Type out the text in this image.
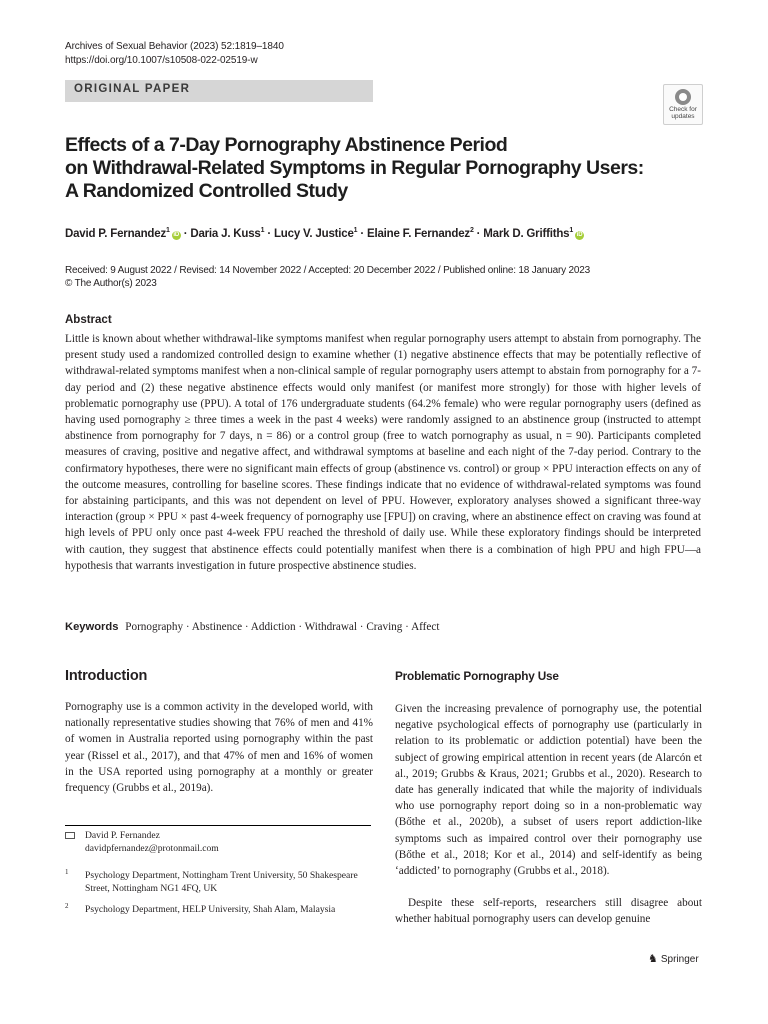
Archives of Sexual Behavior (2023) 52:1819–1840
https://doi.org/10.1007/s10508-022-02519-w
ORIGINAL PAPER
Check for
updates
Effects of a 7-Day Pornography Abstinence Period
on Withdrawal-Related Symptoms in Regular Pornography Users:
A Randomized Controlled Study
David P. Fernandez$^1$iD · Daria J. Kuss$^1$ · Lucy V. Justice$^1$ · Elaine F. Fernandez$^2$ · Mark D. Griffiths$^1$iD
Received: 9 August 2022 / Revised: 14 November 2022 / Accepted: 20 December 2022 / Published online: 18 January 2023
© The Author(s) 2023
Abstract
Little is known about whether withdrawal-like symptoms manifest when regular pornography users attempt to abstain from pornography. The present study used a randomized controlled design to examine whether (1) negative abstinence effects that may be potentially reflective of withdrawal-related symptoms manifest when a non-clinical sample of regular pornography users attempt to abstain from pornography for a 7-day period and (2) these negative abstinence effects would only manifest (or manifest more strongly) for those with higher levels of problematic pornography use (PPU). A total of 176 undergraduate students (64.2% female) who were regular pornography users (defined as having used pornography ≥ three times a week in the past 4 weeks) were randomly assigned to an abstinence group (instructed to attempt abstinence from pornography for 7 days, n = 86) or a control group (free to watch pornography as usual, n = 90). Participants completed measures of craving, positive and negative affect, and withdrawal symptoms at baseline and each night of the 7-day period. Contrary to the confirmatory hypotheses, there were no significant main effects of group (abstinence vs. control) or group × PPU interaction effects on any of the outcome measures, controlling for baseline scores. These findings indicate that no evidence of withdrawal-related symptoms was found for abstaining participants, and this was not dependent on level of PPU. However, exploratory analyses showed a significant three-way interaction (group × PPU × past 4-week frequency of pornography use [FPU]) on craving, where an abstinence effect on craving was found at high levels of PPU only once past 4-week FPU reached the threshold of daily use. While these exploratory findings should be interpreted with caution, they suggest that abstinence effects could potentially manifest when there is a combination of high PPU and high FPU—a hypothesis that warrants investigation in future prospective abstinence studies.
Keywords Pornography · Abstinence · Addiction · Withdrawal · Craving · Affect
Introduction
Pornography use is a common activity in the developed world, with nationally representative studies showing that 76% of men and 41% of women in Australia reported using pornography within the past year (Rissel et al., 2017), and that 47% of men and 16% of women in the USA reported using pornography at a monthly or greater frequency (Grubbs et al., 2019a).
David P. Fernandez
davidpfernandez@protonmail.com
1 Psychology Department, Nottingham Trent University, 50 Shakespeare Street, Nottingham NG1 4FQ, UK
2 Psychology Department, HELP University, Shah Alam, Malaysia
Problematic Pornography Use
Given the increasing prevalence of pornography use, the potential negative psychological effects of pornography use (particularly in relation to its problematic or addiction potential) have been the subject of growing empirical attention in recent years (de Alarcón et al., 2019; Grubbs & Kraus, 2021; Grubbs et al., 2020). Research to date has generally indicated that while the majority of individuals who use pornography report doing so in a non-problematic way (Bőthe et al., 2020b), a subset of users report addiction-like symptoms such as impaired control over their pornography use (Bőthe et al., 2018; Kor et al., 2014) and self-identify as being ‘addicted’ to pornography (Grubbs et al., 2018).
Despite these self-reports, researchers still disagree about whether habitual pornography users can develop genuine
♞ Springer
